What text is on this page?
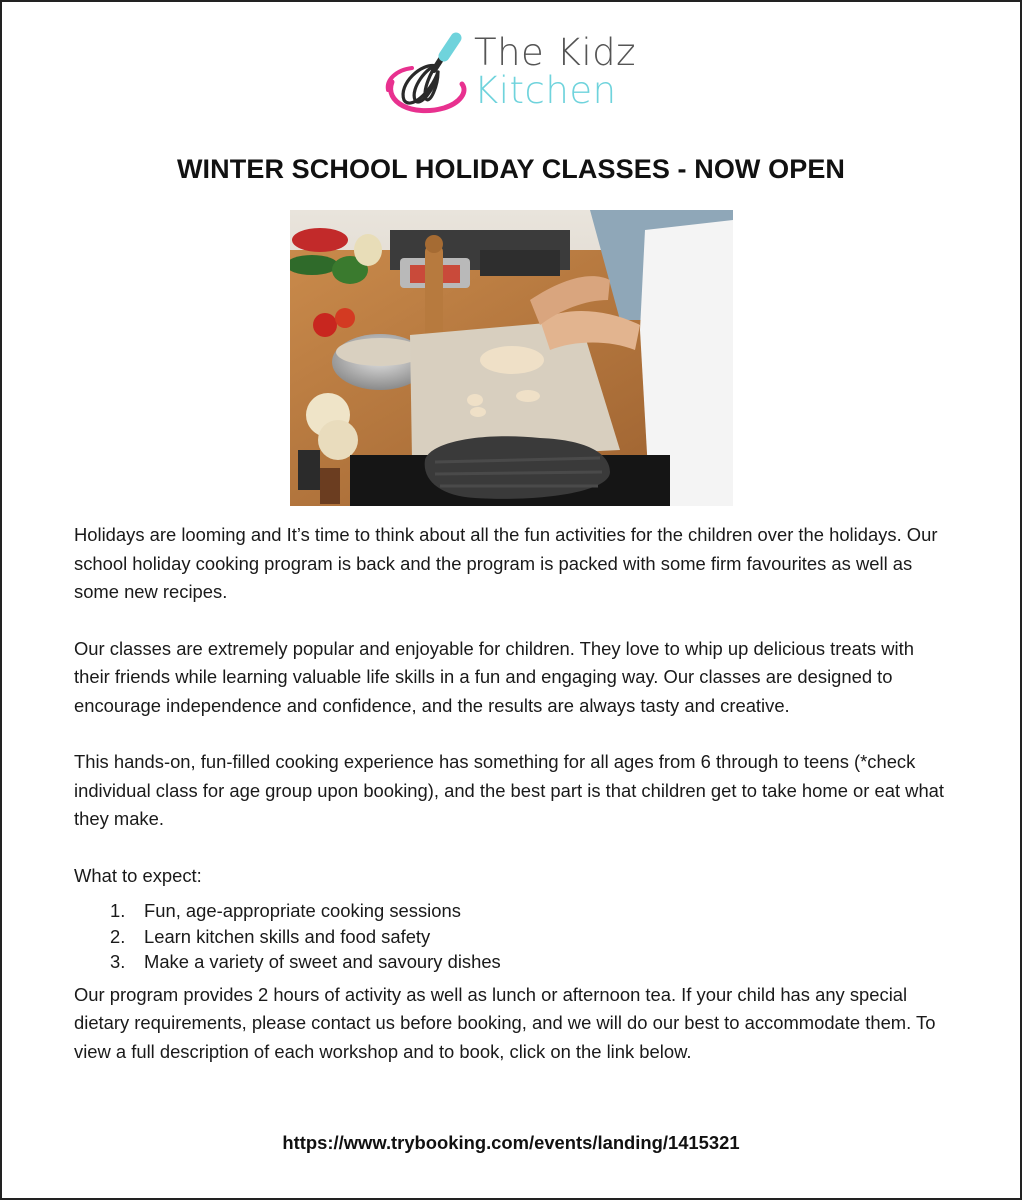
The Kidz
Kitchen
WINTER SCHOOL HOLIDAY CLASSES - NOW OPEN

Holidays are looming and It’s time to think about all the fun activities for the children over the holidays. Our school holiday cooking program is back and the program is packed with some firm favourites as well as some new recipes.

Our classes are extremely popular and enjoyable for children. They love to whip up delicious treats with their friends while learning valuable life skills in a fun and engaging way. Our classes are designed to encourage independence and confidence, and the results are always tasty and creative.

This hands-on, fun-filled cooking experience has something for all ages from 6 through to teens (*check individual class for age group upon booking), and the best part is that children get to take home or eat what they make.

What to expect:

1. Fun, age-appropriate cooking sessions
2. Learn kitchen skills and food safety
3. Make a variety of sweet and savoury dishes

Our program provides 2 hours of activity as well as lunch or afternoon tea. If your child has any special dietary requirements, please contact us before booking, and we will do our best to accommodate them. To view a full description of each workshop and to book, click on the link below.

https://www.trybooking.com/events/landing/1415321
